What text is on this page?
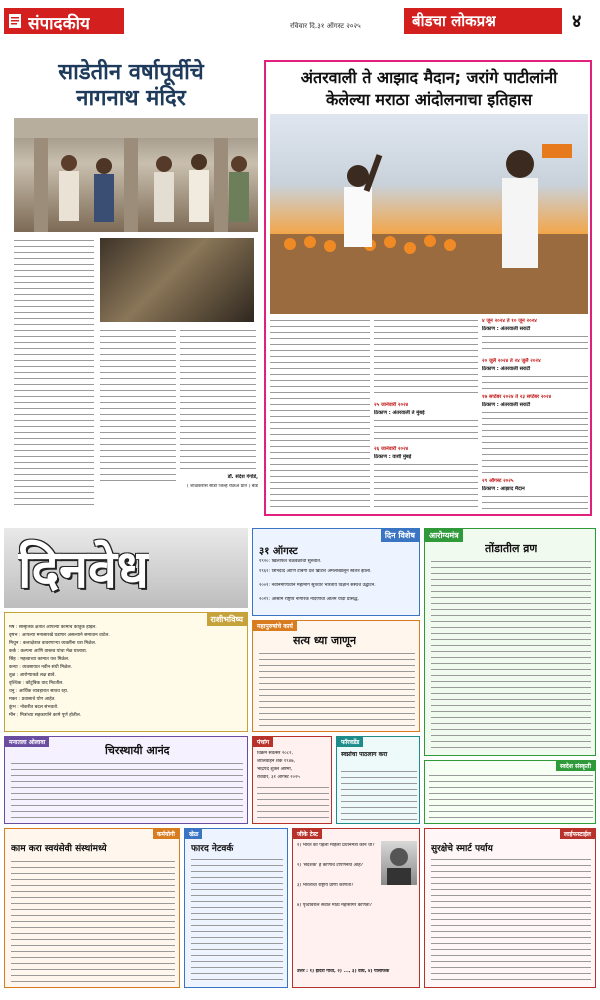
संपादकीय	रविवार दि.३१ ऑगस्ट २०२५	बीडचा लोकप्रश्न	४
साडेतीन वर्षापूर्वीचे
नागनाथ मंदिर
डॉ. संदेश गंगोडे,
( शाळकरीस सोडी जिल्हे रेक्रिअ प्रांत ) बीड
अंतरवाली ते आझाद मैदान; जरांगे पाटीलांनी
केलेल्या मराठा आंदोलनाचा इतिहास
२५ जानेवारी २०२४
ठिकाण : अंतरवाली ते मुंबई
२६ जानेवारी २०२४
ठिकाण : वाशी मुंबई
४ जून २०२४ ते १० जून २०२४
ठिकाण : अंतरवाली सराटी
२० जुलै २०२४ ते २४ जुलै २०२४
ठिकाण : अंतरवाली सराटी
१७ सप्टेंबर २०२४ ते २३ सप्टेंबर २०२४
ठिकाण : अंतरवाली सराटी
२९ ऑगस्ट २०२५
ठिकाण : आझाद मैदान
दिनवेध
राशीभविष्य
मेष : सांसृतिक क्षेत्रात आपल्या कामाचे कौतुक होईल.
वृषभ : आपल्या मनासारखे घडणार असल्याने समाधान वाटेल.
मिथुन : कलाक्षेत्रात वावरणाऱ्या व्यक्तींना यश मिळेल.
कर्क : कल्पना आणि वास्तव यांचा मेळ घालावा.
सिंह : महत्वाच्या कामात यश मिळेल.
कन्या : व्यवसायात नवीन संधी मिळेल.
तूळ : आरोग्याकडे लक्ष द्यावे.
वृश्चिक : कौटुंबिक वाद मिटतील.
धनु : आर्थिक व्यवहारात सावध रहा.
मकर : प्रवासाचे योग आहेत.
कुंभ : नोकरीत बदल संभवतो.
मीन : मित्रांच्या सहकार्याने कामे पूर्ण होतील.
दिन विशेष
३१ ऑगस्ट
१९२०: खिलाफत चळवळीची सुरुवात.
१९६२: त्रिनिदाद आणि टोबॅगो देश ब्रिटिश अमलाखालून स्वतंत्र झाला.
२००१: नवनिर्माणाधीन महामार्ग सूत्रधार भारतीय विज्ञान संस्थेचे उद्घाटन.
२०१९: आसाम राष्ट्रीय नागरिक नोंदणीची अंतिम यादी प्रसिद्ध.
आरोग्यमंत्र
तोंडातील व्रण
महापुरुषांचे कार्य
सत्य ध्या जाणून
मनातला ओलावा
चिरस्थायी आनंद
पंचांग
विक्रम संवत्सर २०८२,
शालिवाहन शके १९४७,
भाद्रपद शुक्ल अष्टमी,
रविवार, ३१ ऑगस्ट २०२५
फॉरवर्डेड
स्वप्नांचा पाठलाग करा
स्वदेश संस्कृती
कर्मयोगी
काम करा स्वयंसेवी संस्थांमध्ये
खेळ
फारद नेटवर्क
जीके टेस्ट
१) भारत की पहली महिला प्रधानमंत्री कौन थी?
२) 'संदेशक' हे कोणाचे टोपणनाव आहे?
३) भारताचा राष्ट्रीय प्राणी कोणता?
४) पृथ्वीवरील सर्वात मोठा महासागर कोणता?
उत्तरे : १) इंदिरा गांधी, २) ..., ३) वाघ, ४) पॅसिफिक
लाईफस्टाईल
सुरक्षेचे स्मार्ट पर्याय
